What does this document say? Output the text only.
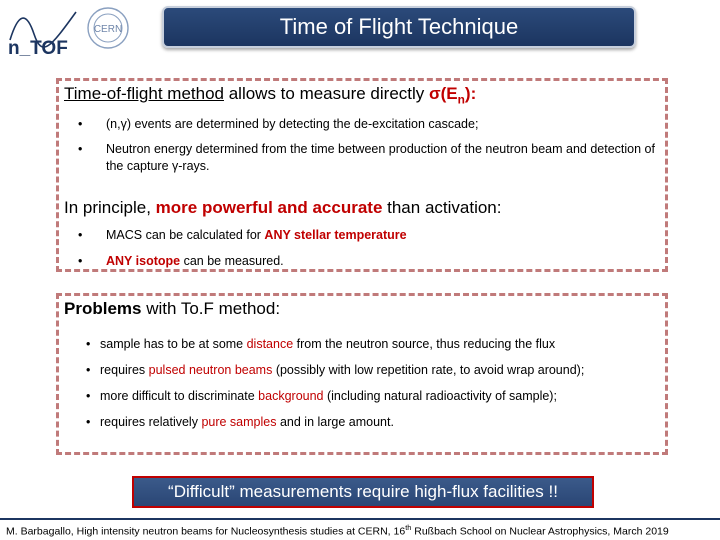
n_TOF
CERN	Time of Flight Technique
Time-of-flight method allows to measure directly $\sigma(E_n)$:
• (n,γ) events are determined by detecting the de-excitation cascade;
• Neutron energy determined from the time between production of the neutron beam and detection of the capture γ-rays.
In principle, more powerful and accurate than activation:
• MACS can be calculated for ANY stellar temperature
• ANY isotope can be measured.
Problems with To.F method:
• sample has to be at some distance from the neutron source, thus reducing the flux
• requires pulsed neutron beams (possibly with low repetition rate, to avoid wrap around);
• more difficult to discriminate background (including natural radioactivity of sample);
• requires relatively pure samples and in large amount.
“Difficult” measurements require high-flux facilities !!
M. Barbagallo, High intensity neutron beams for Nucleosynthesis studies at CERN, 16th Rußbach School on Nuclear Astrophysics, March 2019
